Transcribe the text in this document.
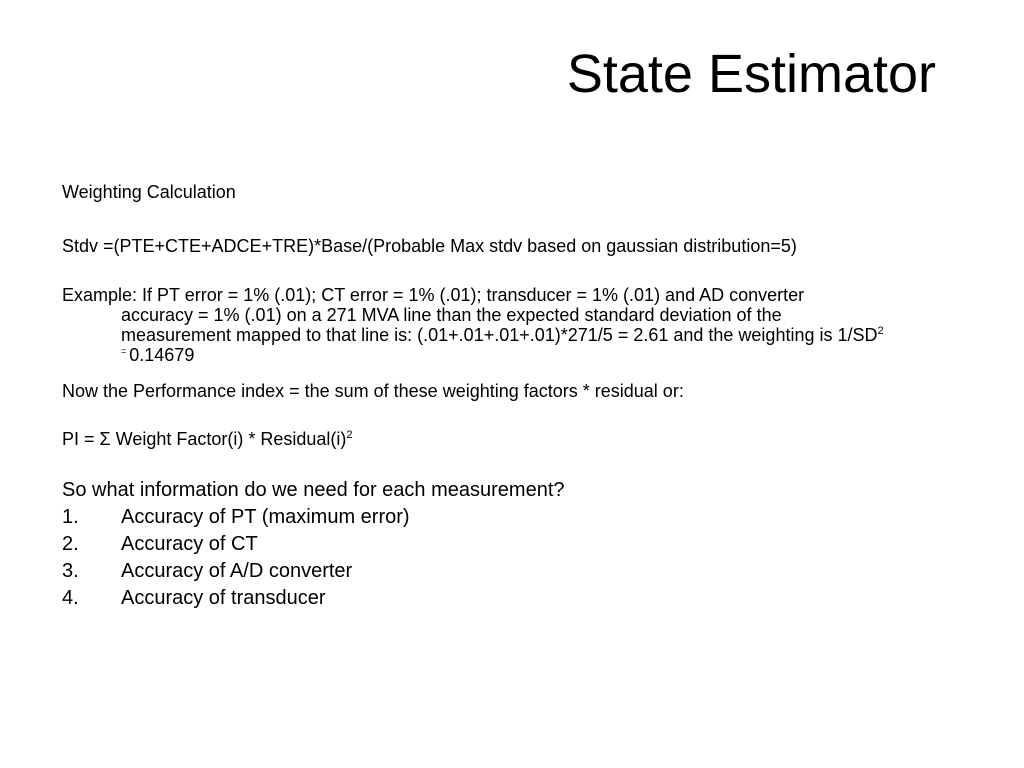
State Estimator
Weighting Calculation
Stdv =(PTE+CTE+ADCE+TRE)*Base/(Probable Max stdv based on gaussian distribution=5)
Example: If PT error = 1% (.01); CT error = 1% (.01); transducer = 1% (.01) and AD converter
accuracy = 1% (.01) on a 271 MVA line than the expected standard deviation of the
measurement mapped to that line is: (.01+.01+.01+.01)*271/5 = 2.61 and the weighting is $1/SD^2$
= 0.14679
Now the Performance index = the sum of these weighting factors * residual or:
PI = Σ Weight Factor(i) * $Residual(i)^2$
So what information do we need for each measurement?
1. Accuracy of PT (maximum error)
2. Accuracy of CT
3. Accuracy of A/D converter
4. Accuracy of transducer
